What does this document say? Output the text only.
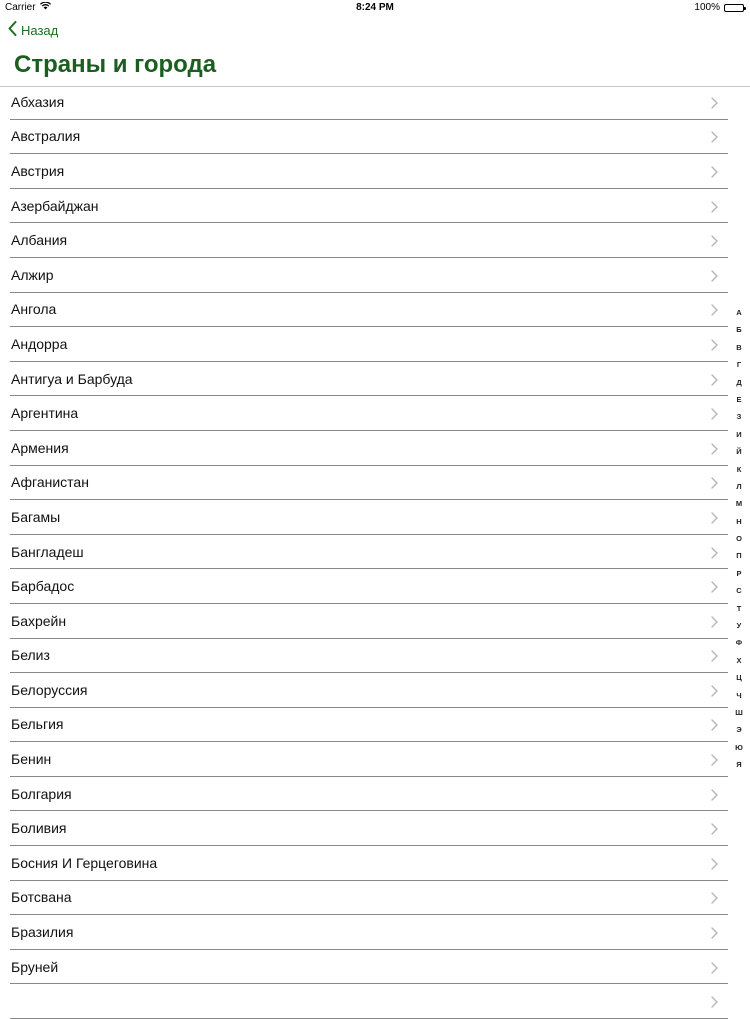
Carrier	8:24 PM	100%
Назад
Страны и города
Абхазия
Австралия
Австрия
Азербайджан
Албания
Алжир
Ангола
Андорра
Антигуа и Барбуда
Аргентина
Армения
Афганистан
Багамы
Бангладеш
Барбадос
Бахрейн
Белиз
Белоруссия
Бельгия
Бенин
Болгария
Боливия
Босния И Герцеговина
Ботсвана
Бразилия
Бруней
А
Б
В
Г
Д
Е
З
И
Й
К
Л
М
Н
О
П
Р
С
Т
У
Ф
Х
Ц
Ч
Ш
Э
Ю
Я
